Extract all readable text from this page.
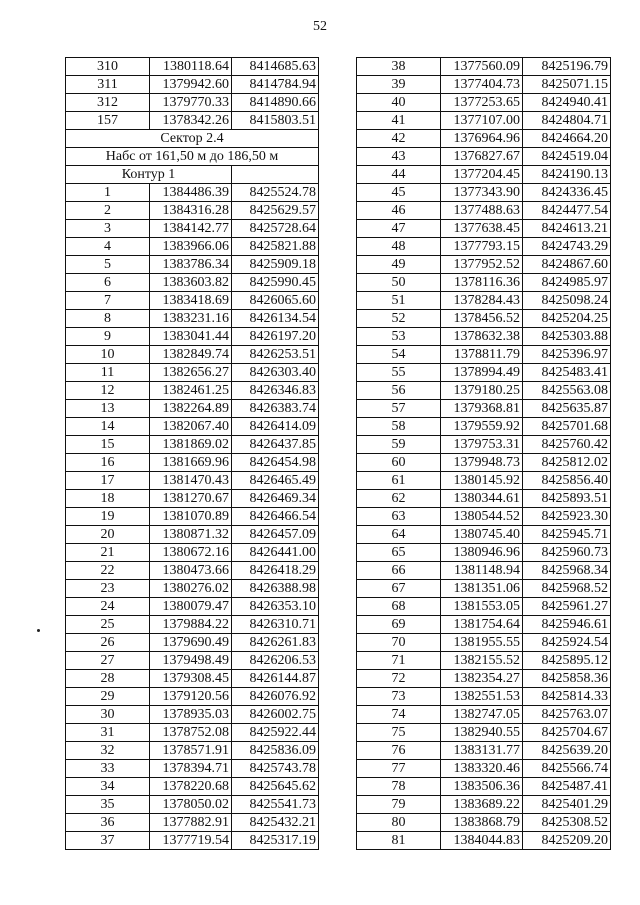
52
310	1380118.64	8414685.63
311	1379942.60	8414784.94
312	1379770.33	8414890.66
157	1378342.26	8415803.51
Сектор 2.4		
Набс от 161,50 м до 186,50 м		
Контур 1		
1	1384486.39	8425524.78
2	1384316.28	8425629.57
3	1384142.77	8425728.64
4	1383966.06	8425821.88
5	1383786.34	8425909.18
6	1383603.82	8425990.45
7	1383418.69	8426065.60
8	1383231.16	8426134.54
9	1383041.44	8426197.20
10	1382849.74	8426253.51
11	1382656.27	8426303.40
12	1382461.25	8426346.83
13	1382264.89	8426383.74
14	1382067.40	8426414.09
15	1381869.02	8426437.85
16	1381669.96	8426454.98
17	1381470.43	8426465.49
18	1381270.67	8426469.34
19	1381070.89	8426466.54
20	1380871.32	8426457.09
21	1380672.16	8426441.00
22	1380473.66	8426418.29
23	1380276.02	8426388.98
24	1380079.47	8426353.10
25	1379884.22	8426310.71
26	1379690.49	8426261.83
27	1379498.49	8426206.53
28	1379308.45	8426144.87
29	1379120.56	8426076.92
30	1378935.03	8426002.75
31	1378752.08	8425922.44
32	1378571.91	8425836.09
33	1378394.71	8425743.78
34	1378220.68	8425645.62
35	1378050.02	8425541.73
36	1377882.91	8425432.21
37	1377719.54	8425317.19
38	1377560.09	8425196.79
39	1377404.73	8425071.15
40	1377253.65	8424940.41
41	1377107.00	8424804.71
42	1376964.96	8424664.20
43	1376827.67	8424519.04
44	1377204.45	8424190.13
45	1377343.90	8424336.45
46	1377488.63	8424477.54
47	1377638.45	8424613.21
48	1377793.15	8424743.29
49	1377952.52	8424867.60
50	1378116.36	8424985.97
51	1378284.43	8425098.24
52	1378456.52	8425204.25
53	1378632.38	8425303.88
54	1378811.79	8425396.97
55	1378994.49	8425483.41
56	1379180.25	8425563.08
57	1379368.81	8425635.87
58	1379559.92	8425701.68
59	1379753.31	8425760.42
60	1379948.73	8425812.02
61	1380145.92	8425856.40
62	1380344.61	8425893.51
63	1380544.52	8425923.30
64	1380745.40	8425945.71
65	1380946.96	8425960.73
66	1381148.94	8425968.34
67	1381351.06	8425968.52
68	1381553.05	8425961.27
69	1381754.64	8425946.61
70	1381955.55	8425924.54
71	1382155.52	8425895.12
72	1382354.27	8425858.36
73	1382551.53	8425814.33
74	1382747.05	8425763.07
75	1382940.55	8425704.67
76	1383131.77	8425639.20
77	1383320.46	8425566.74
78	1383506.36	8425487.41
79	1383689.22	8425401.29
80	1383868.79	8425308.52
81	1384044.83	8425209.20
